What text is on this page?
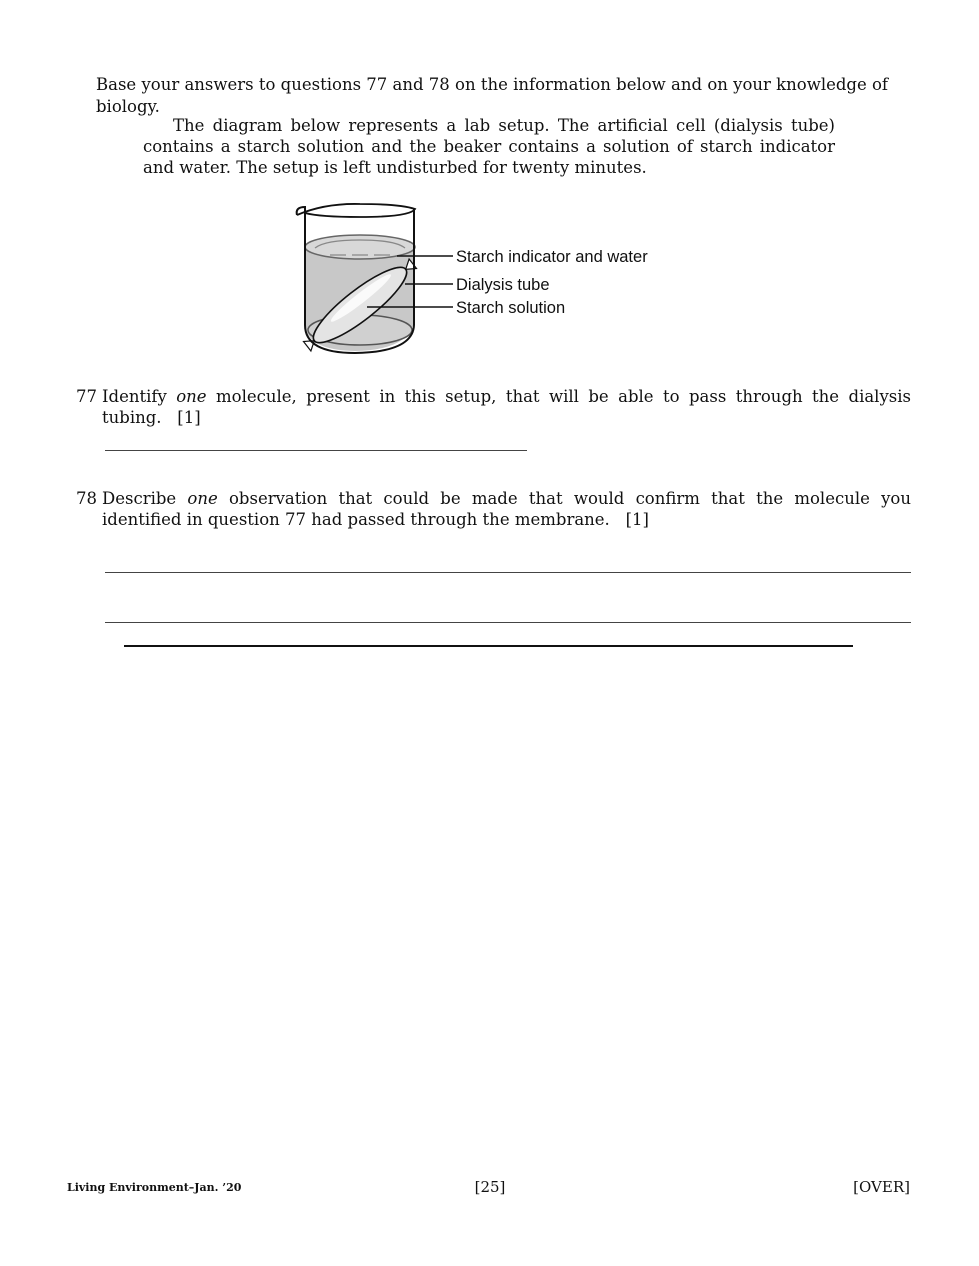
Base your answers to questions 77 and 78 on the information below and on your knowledge of biology.

The diagram below represents a lab setup. The artificial cell (dialysis tube) contains a starch solution and the beaker contains a solution of starch indicator and water. The setup is left undisturbed for twenty minutes.

Starch indicator and water
Dialysis tube
Starch solution
77 Identify one molecule, present in this setup, that will be able to pass through the dialysis tubing. [1]
78 Describe one observation that could be made that would confirm that the molecule you identified in question 77 had passed through the membrane. [1]
Living Environment–Jan. ’20	[25]	[OVER]
